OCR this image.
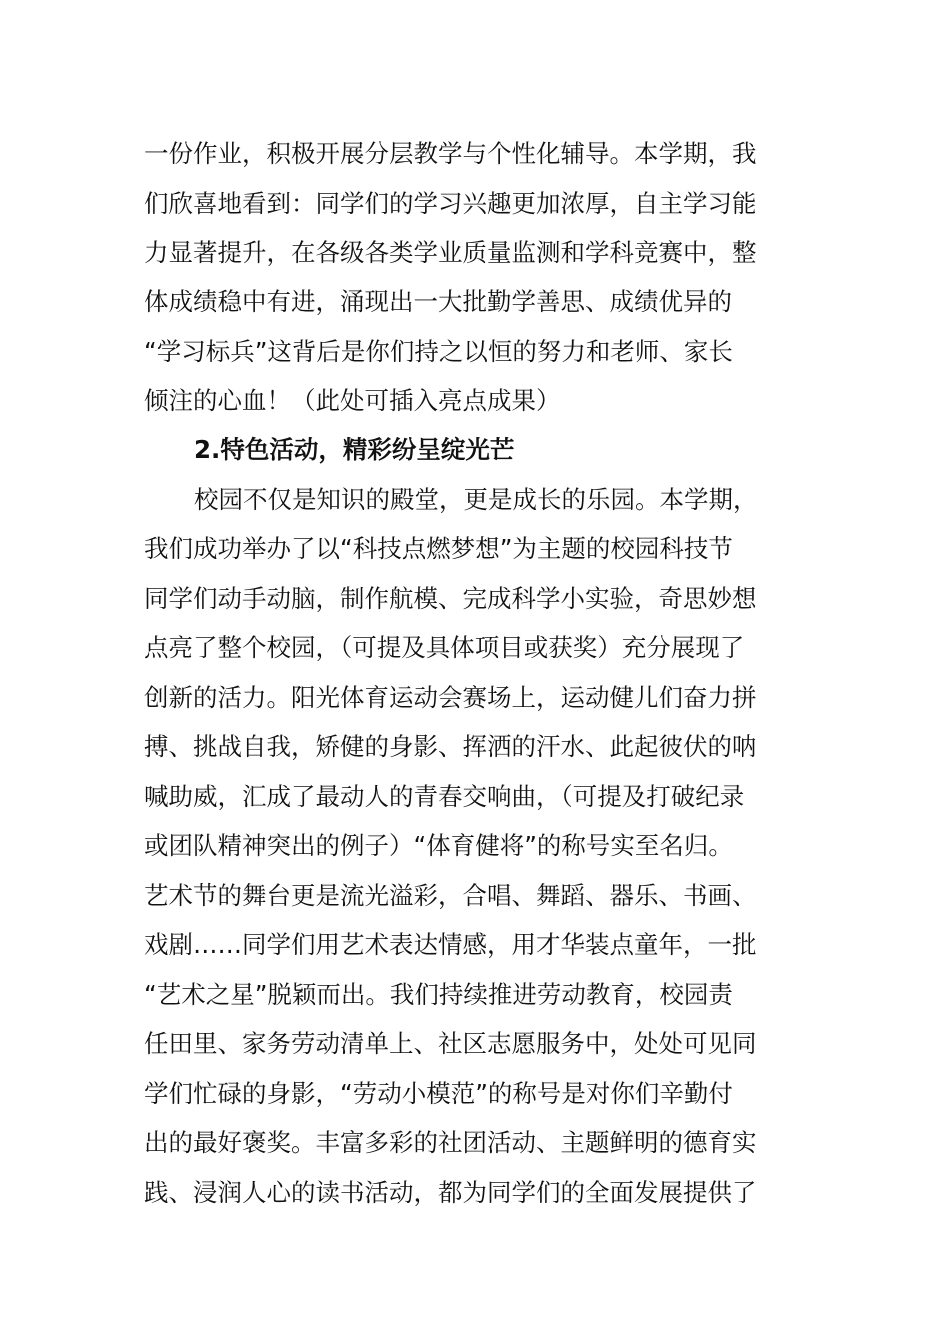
一份作业，积极开展分层教学与个性化辅导。本学期，我
们欣喜地看到：同学们的学习兴趣更加浓厚，自主学习能
力显著提升，在各级各类学业质量监测和学科竞赛中，整
体成绩稳中有进，涌现出一大批勤学善思、成绩优异的
“学习标兵”这背后是你们持之以恒的努力和老师、家长
倾注的心血！（此处可插入亮点成果）
2.特色活动，精彩纷呈绽光芒
校园不仅是知识的殿堂，更是成长的乐园。本学期，
我们成功举办了以“科技点燃梦想”为主题的校园科技节
同学们动手动脑，制作航模、完成科学小实验，奇思妙想
点亮了整个校园，（可提及具体项目或获奖）充分展现了
创新的活力。阳光体育运动会赛场上，运动健儿们奋力拼
搏、挑战自我，矫健的身影、挥洒的汗水、此起彼伏的呐
喊助威，汇成了最动人的青春交响曲，（可提及打破纪录
或团队精神突出的例子）“体育健将”的称号实至名归。
艺术节的舞台更是流光溢彩，合唱、舞蹈、器乐、书画、
戏剧……同学们用艺术表达情感，用才华装点童年，一批
“艺术之星”脱颖而出。我们持续推进劳动教育，校园责
任田里、家务劳动清单上、社区志愿服务中，处处可见同
学们忙碌的身影，“劳动小模范”的称号是对你们辛勤付
出的最好褒奖。丰富多彩的社团活动、主题鲜明的德育实
践、浸润人心的读书活动，都为同学们的全面发展提供了
